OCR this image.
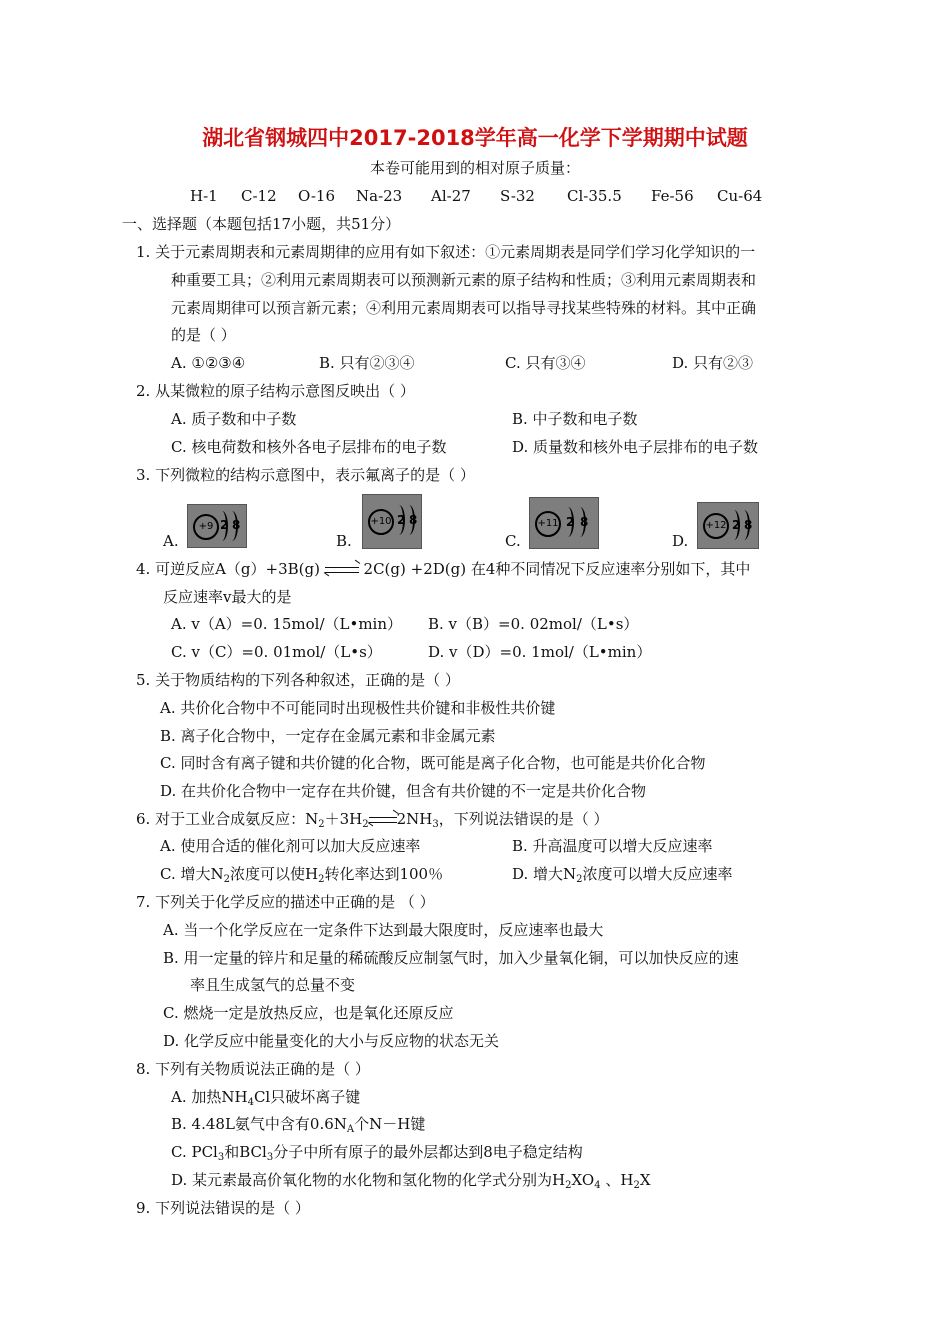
湖北省钢城四中2017-2018学年高一化学下学期期中试题
本卷可能用到的相对原子质量：
H-1 C-12 O-16 Na-23 Al-27 S-32 Cl-35.5 Fe-56 Cu-64
一、选择题（本题包括17小题，共51分）
1. 关于元素周期表和元素周期律的应用有如下叙述：①元素周期表是同学们学习化学知识的一
种重要工具；②利用元素周期表可以预测新元素的原子结构和性质；③利用元素周期表和
元素周期律可以预言新元素；④利用元素周期表可以指导寻找某些特殊的材料。其中正确
的是（ ）
A. ①②③④	B. 只有②③④	C. 只有③④	D. 只有②③
2. 从某微粒的原子结构示意图反映出（ ）
A. 质子数和中子数	B. 中子数和电子数
C. 核电荷数和核外各电子层排布的电子数	D. 质量数和核外电子层排布的电子数
3. 下列微粒的结构示意图中，表示氟离子的是（ ）
A.
+9 2 8
B.
+10 2 8
C.
+11 2 8
D.
+12 2 8
4. 可逆反应A（g）+3B(g)	2C(g) +2D(g) 在4种不同情况下反应速率分别如下，其中
反应速率v最大的是
A. v（A）=0. 15mol/（L•min） B. v（B）=0. 02mol/（L•s）
C. v（C）=0. 01mol/（L•s）	D. v（D）=0. 1mol/（L•min）
5. 关于物质结构的下列各种叙述，正确的是（ ）
A. 共价化合物中不可能同时出现极性共价键和非极性共价键
B. 离子化合物中，一定存在金属元素和非金属元素
C. 同时含有离子键和共价键的化合物，既可能是离子化合物，也可能是共价化合物
D. 在共价化合物中一定存在共价键，但含有共价键的不一定是共价化合物
6. 对于工业合成氨反应：$N_2+3H_2$ $2NH_3$，下列说法错误的是（ ）
A. 使用合适的催化剂可以加大反应速率	B. 升高温度可以增大反应速率
C. 增大$N_2$浓度可以使$H_2$转化率达到100％	D. 增大$N_2$浓度可以增大反应速率
7. 下列关于化学反应的描述中正确的是 （ ）
A. 当一个化学反应在一定条件下达到最大限度时，反应速率也最大
B. 用一定量的锌片和足量的稀硫酸反应制氢气时，加入少量氧化铜，可以加快反应的速
率且生成氢气的总量不变
C. 燃烧一定是放热反应，也是氧化还原反应
D. 化学反应中能量变化的大小与反应物的状态无关
8. 下列有关物质说法正确的是（ ）
A. 加热$NH_4Cl$只破坏离子键
B. 4.48L氨气中含有$0.6N_A$个N－H键
C. PCl$_3$和BCl$_3$分子中所有原子的最外层都达到8电子稳定结构
D. 某元素最高价氧化物的水化物和氢化物的化学式分别为$H_2XO_4$ 、$H_2X$
9. 下列说法错误的是（ ）
